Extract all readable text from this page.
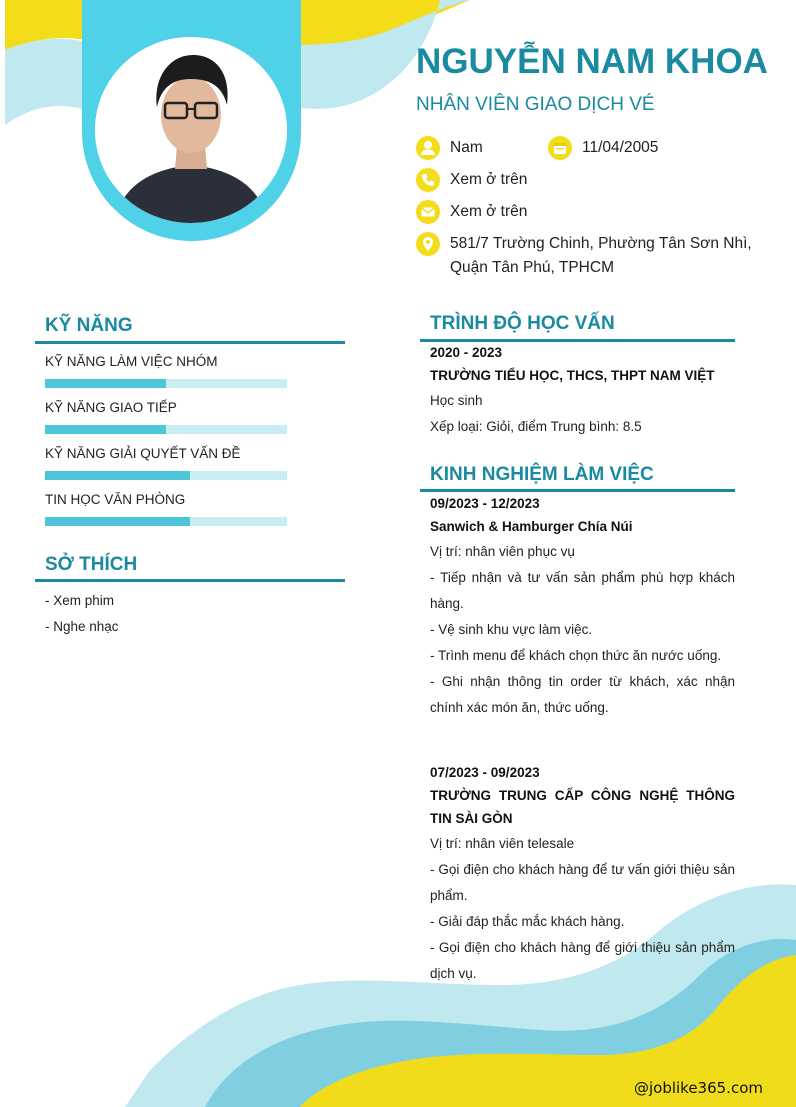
NGUYỄN NAM KHOA
NHÂN VIÊN GIAO DỊCH VÉ
Nam	11/04/2005
Xem ở trên
Xem ở trên
581/7 Trường Chinh, Phường Tân Sơn Nhì,
Quận Tân Phú, TPHCM
KỸ NĂNG
KỸ NĂNG LÀM VIỆC NHÓM
KỸ NĂNG GIAO TIẾP
KỸ NĂNG GIẢI QUYẾT VẤN ĐỀ
TIN HỌC VĂN PHÒNG
SỞ THÍCH
- Xem phim
- Nghe nhạc
TRÌNH ĐỘ HỌC VẤN
2020 - 2023
TRƯỜNG TIỂU HỌC, THCS, THPT NAM VIỆT
Học sinh
Xếp loại: Giỏi, điểm Trung bình: 8.5
KINH NGHIỆM LÀM VIỆC
09/2023 - 12/2023
Sanwich & Hamburger Chía Núi
Vị trí: nhân viên phục vụ
- Tiếp nhận và tư vấn sản phẩm phù hợp khách hàng.
- Vệ sinh khu vực làm việc.
- Trình menu để khách chọn thức ăn nước uống.
- Ghi nhận thông tin order từ khách, xác nhận chính xác món ăn, thức uống.
07/2023 - 09/2023
TRƯỜNG TRUNG CẤP CÔNG NGHỆ THÔNG TIN SÀI GÒN
Vị trí: nhân viên telesale
- Gọi điện cho khách hàng để tư vấn giới thiệu sản phẩm.
- Giải đáp thắc mắc khách hàng.
- Gọi điện cho khách hàng để giới thiệu sản phẩm dịch vụ.
@joblike365.com
